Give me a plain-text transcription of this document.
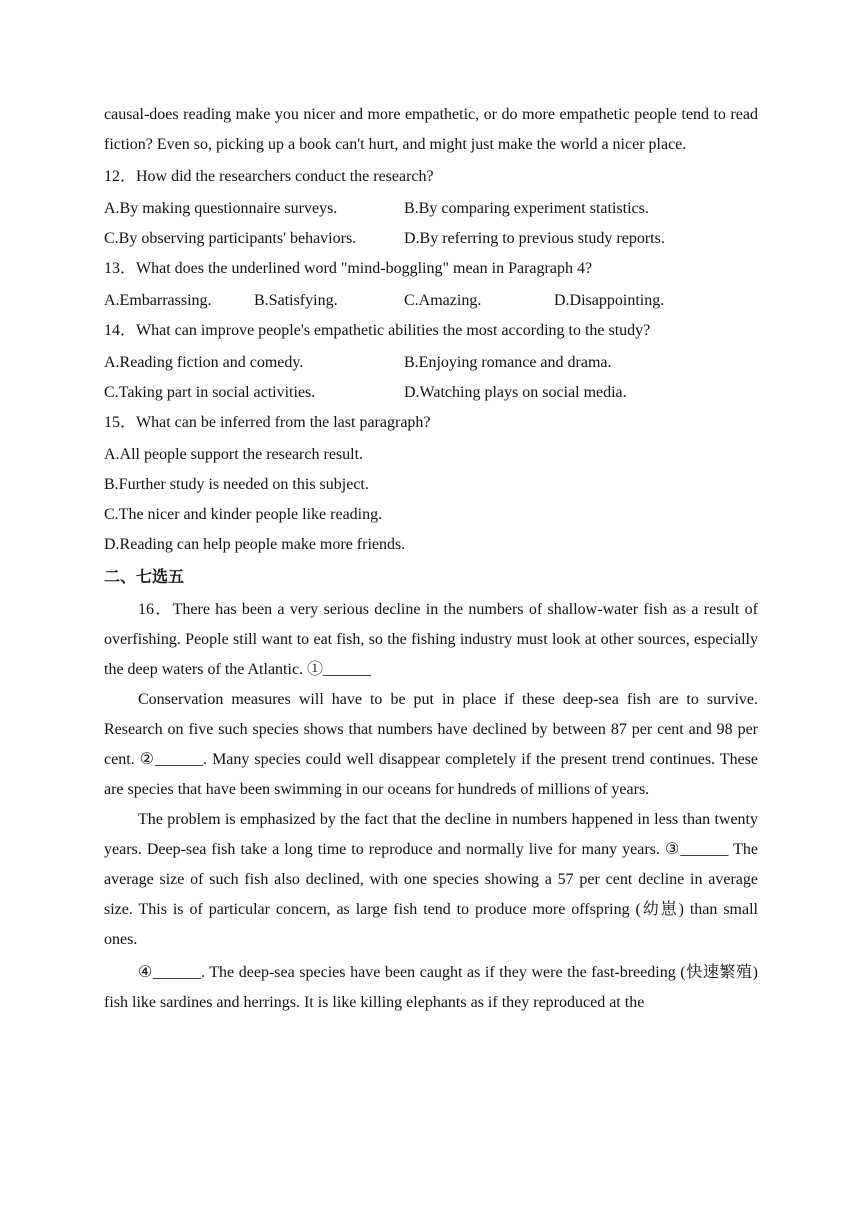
causal-does reading make you nicer and more empathetic, or do more empathetic people tend to read fiction? Even so, picking up a book can't hurt, and might just make the world a nicer place.

12．How did the researchers conduct the research?

A.By making questionnaire surveys.	B.By comparing experiment statistics.
C.By observing participants' behaviors.	D.By referring to previous study reports.

13．What does the underlined word "mind-boggling" mean in Paragraph 4?

A.Embarrassing.	B.Satisfying.	C.Amazing.	D.Disappointing.

14．What can improve people's empathetic abilities the most according to the study?

A.Reading fiction and comedy.	B.Enjoying romance and drama.
C.Taking part in social activities.	D.Watching plays on social media.

15．What can be inferred from the last paragraph?

A.All people support the research result.

B.Further study is needed on this subject.

C.The nicer and kinder people like reading.

D.Reading can help people make more friends.

二、七选五

16．There has been a very serious decline in the numbers of shallow-water fish as a result of overfishing. People still want to eat fish, so the fishing industry must look at other sources, especially the deep waters of the Atlantic. ①______

Conservation measures will have to be put in place if these deep-sea fish are to survive. Research on five such species shows that numbers have declined by between 87 per cent and 98 per cent. ②______. Many species could well disappear completely if the present trend continues. These are species that have been swimming in our oceans for hundreds of millions of years.

The problem is emphasized by the fact that the decline in numbers happened in less than twenty years. Deep-sea fish take a long time to reproduce and normally live for many years. ③______ The average size of such fish also declined, with one species showing a 57 per cent decline in average size. This is of particular concern, as large fish tend to produce more offspring (幼崽) than small ones.

④______. The deep-sea species have been caught as if they were the fast-breeding (快速繁殖) fish like sardines and herrings. It is like killing elephants as if they reproduced at the
